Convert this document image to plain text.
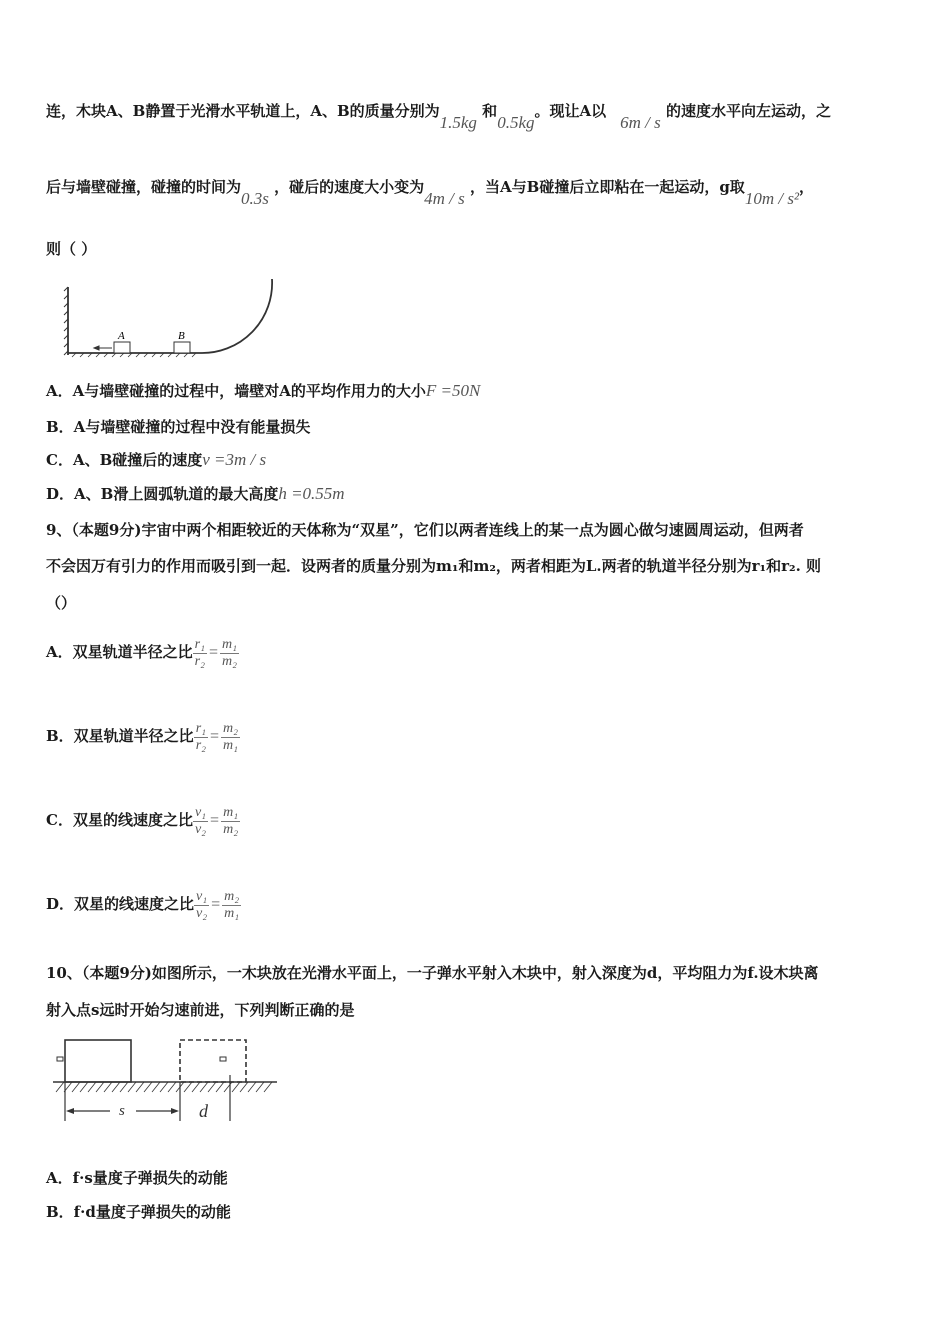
连，木块A、B静置于光滑水平轨道上，A、B的质量分别为1.5kg 和0.5kg。现让A以6m / s 的速度水平向左运动，之
后与墙壁碰撞，碰撞的时间为0.3s ，碰后的速度大小变为4m / s ，当A与B碰撞后立即粘在一起运动，g取10m / s²，
则（ ）
A	B
A．A与墙壁碰撞的过程中，墙壁对A的平均作用力的大小F =50N
B．A与墙壁碰撞的过程中没有能量损失
C．A、B碰撞后的速度v =3m / s
D．A、B滑上圆弧轨道的最大高度h =0.55m
9、（本题9分)宇宙中两个相距较近的天体称为“双星”，它们以两者连线上的某一点为圆心做匀速圆周运动，但两者
不会因万有引力的作用而吸引到一起．设两者的质量分别为m₁和m₂，两者相距为L.两者的轨道半径分别为r₁和r₂. 则
（）
A．双星轨道半径之比 $\frac{\text{r₁}}{\text{r₂}} = \frac{\text{m₁}}{\text{m₂}}$
B．双星轨道半径之比 $\frac{\text{r₁}}{\text{r₂}} = \frac{\text{m₂}}{\text{m₁}}$
C．双星的线速度之比 $\frac{\text{v₁}}{\text{v₂}} = \frac{\text{m₁}}{\text{m₂}}$
D．双星的线速度之比 $\frac{\text{v₁}}{\text{v₂}} = \frac{\text{m₂}}{\text{m₁}}$
10、（本题9分)如图所示，一木块放在光滑水平面上，一子弹水平射入木块中，射入深度为d，平均阻力为f.设木块离
射入点s远时开始匀速前进，下列判断正确的是
s	d
A．f·s量度子弹损失的动能
B．f·d量度子弹损失的动能
